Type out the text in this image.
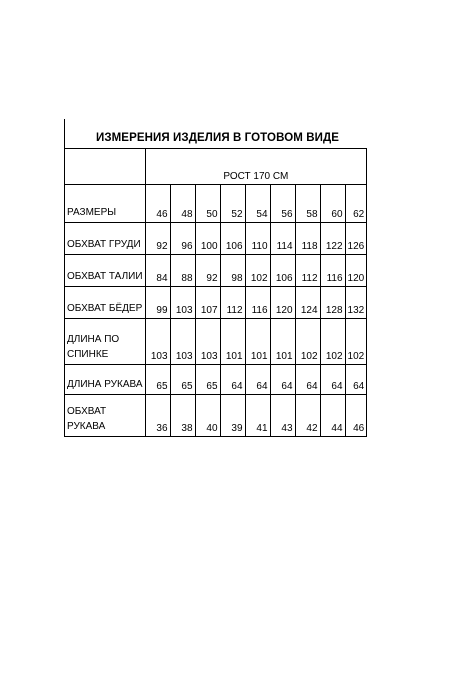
ИЗМЕРЕНИЯ ИЗДЕЛИЯ В ГОТОВОМ ВИДЕ
	РОСТ 170 СМ								
РАЗМЕРЫ	46	48	50	52	54	56	58	60	62
ОБХВАТ ГРУДИ	92	96	100	106	110	114	118	122	126
ОБХВАТ ТАЛИИ	84	88	92	98	102	106	112	116	120
ОБХВАТ БЁДЕР	99	103	107	112	116	120	124	128	132
ДЛИНА ПО СПИНКЕ	103	103	103	101	101	101	102	102	102
ДЛИНА РУКАВА	65	65	65	64	64	64	64	64	64
ОБХВАТ РУКАВА	36	38	40	39	41	43	42	44	46
